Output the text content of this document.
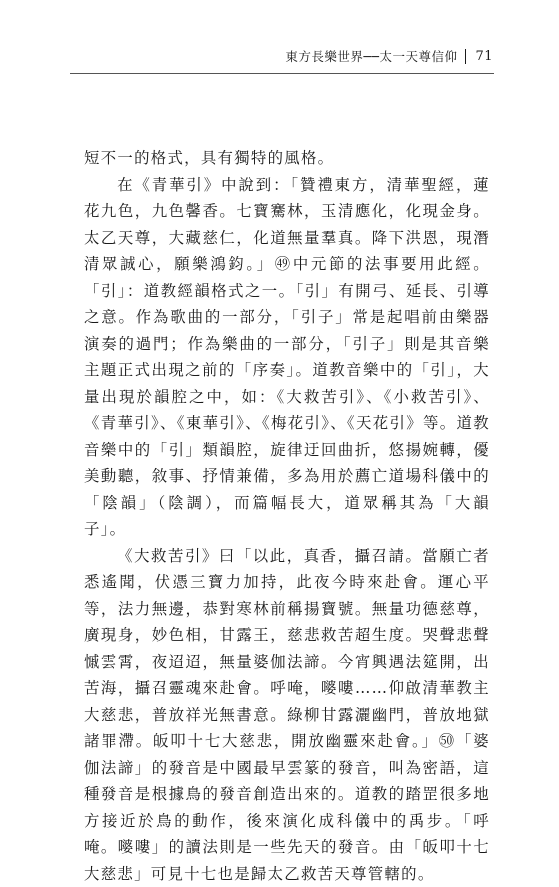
東方長樂世界──太一天尊信仰 71

短不一的格式，具有獨特的風格。

在《青華引》中說到：「贊禮東方，清華聖經，蓮花九色，九色馨香。七寶騫林，玉清應化，化現金身。太乙天尊，大藏慈仁，化道無量羣真。降下洪恩，現潛清眾誠心，願樂鴻鈞。」㊾中元節的法事要用此經。「引」：道教經韻格式之一。「引」有開弓、延長、引導之意。作為歌曲的一部分，「引子」常是起唱前由樂器演奏的過門；作為樂曲的一部分，「引子」則是其音樂主題正式出現之前的「序奏」。道教音樂中的「引」，大量出現於韻腔之中，如：《大救苦引》、《小救苦引》、《青華引》、《東華引》、《梅花引》、《天花引》等。道教音樂中的「引」類韻腔，旋律迂回曲折，悠揚婉轉，優美動聽，敘事、抒情兼備，多為用於薦亡道場科儀中的「陰韻」（陰調），而篇幅長大，道眾稱其為「大韻子」。

《大救苦引》曰「以此，真香，攝召請。當願亡者悉遙聞，伏憑三寶力加持，此夜今時來赴會。運心平等，法力無邊，恭對寒林前稱揚寶號。無量功德慈尊，廣現身，妙色相，甘露王，慈悲救苦超生度。哭聲悲聲慽雲霄，夜迢迢，無量婆伽法諦。今宵興遇法筵開，出苦海，攝召靈魂來赴會。呼唵，嘙嘍……仰啟清華教主大慈悲，普放祥光無書意。綠柳甘露灑幽門，普放地獄諸罪滯。皈叩十七大慈悲，開放幽靈來赴會。」㊿「婆伽法諦」的發音是中國最早雲篆的發音，叫為密語，這種發音是根據鳥的發音創造出來的。道教的踏罡很多地方接近於鳥的動作，後來演化成科儀中的禹步。「呼唵。嘙嘍」的讀法則是一些先天的發音。由「皈叩十七大慈悲」可見十七也是歸太乙救苦天尊管轄的。
